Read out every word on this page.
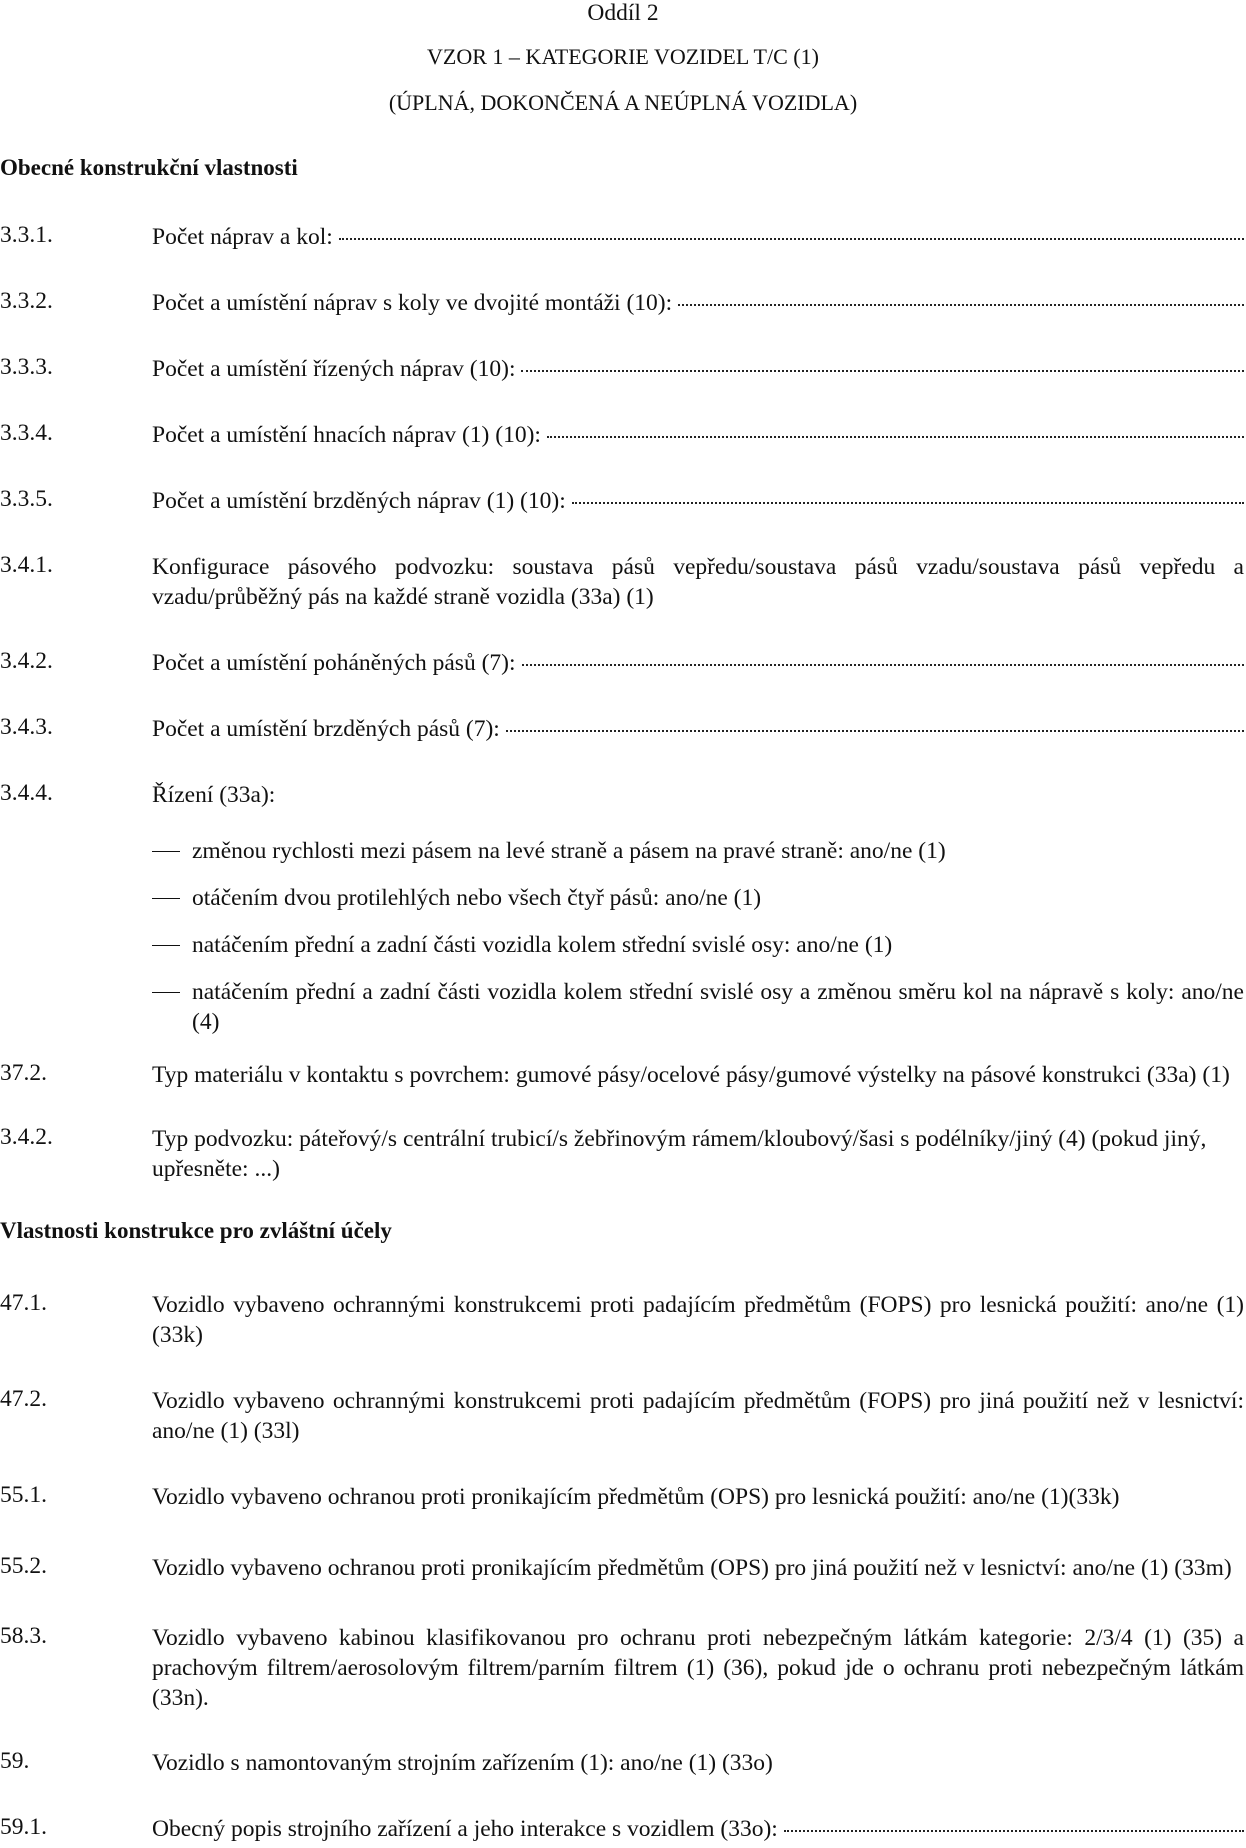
Oddíl 2
VZOR 1 – KATEGORIE VOZIDEL T/C (1)
(ÚPLNÁ, DOKONČENÁ A NEÚPLNÁ VOZIDLA)
Obecné konstrukční vlastnosti
3.3.1.	Počet náprav a kol:
3.3.2.	Počet a umístění náprav s koly ve dvojité montáži (10):
3.3.3.	Počet a umístění řízených náprav (10):
3.3.4.	Počet a umístění hnacích náprav (1) (10):
3.3.5.	Počet a umístění brzděných náprav (1) (10):
3.4.1.	Konfigurace pásového podvozku: soustava pásů vepředu/soustava pásů vzadu/soustava pásů vepředu a vzadu/průběžný pás na každé straně vozidla (33a) (1)
3.4.2.	Počet a umístění poháněných pásů (7):
3.4.3.	Počet a umístění brzděných pásů (7):
3.4.4.	Řízení (33a):
změnou rychlosti mezi pásem na levé straně a pásem na pravé straně: ano/ne (1)
otáčením dvou protilehlých nebo všech čtyř pásů: ano/ne (1)
natáčením přední a zadní části vozidla kolem střední svislé osy: ano/ne (1)
natáčením přední a zadní části vozidla kolem střední svislé osy a změnou směru kol na nápravě s koly: ano/ne (4)
37.2.	Typ materiálu v kontaktu s povrchem: gumové pásy/ocelové pásy/gumové výstelky na pásové konstrukci (33a) (1)
3.4.2.	Typ podvozku: páteřový/s centrální trubicí/s žebřinovým rámem/kloubový/šasi s podélníky/jiný (4) (pokud jiný, upřesněte: ...)
Vlastnosti konstrukce pro zvláštní účely
47.1.	Vozidlo vybaveno ochrannými konstrukcemi proti padajícím předmětům (FOPS) pro lesnická použití: ano/ne (1) (33k)
47.2.	Vozidlo vybaveno ochrannými konstrukcemi proti padajícím předmětům (FOPS) pro jiná použití než v lesnictví: ano/ne (1) (33l)
55.1.	Vozidlo vybaveno ochranou proti pronikajícím předmětům (OPS) pro lesnická použití: ano/ne (1)(33k)
55.2.	Vozidlo vybaveno ochranou proti pronikajícím předmětům (OPS) pro jiná použití než v lesnictví: ano/ne (1) (33m)
58.3.	Vozidlo vybaveno kabinou klasifikovanou pro ochranu proti nebezpečným látkám kategorie: 2/3/4 (1) (35) a prachovým filtrem/aerosolovým filtrem/parním filtrem (1) (36), pokud jde o ochranu proti nebezpečným látkám (33n).
59.	Vozidlo s namontovaným strojním zařízením (1): ano/ne (1) (33o)
59.1.	Obecný popis strojního zařízení a jeho interakce s vozidlem (33o):
